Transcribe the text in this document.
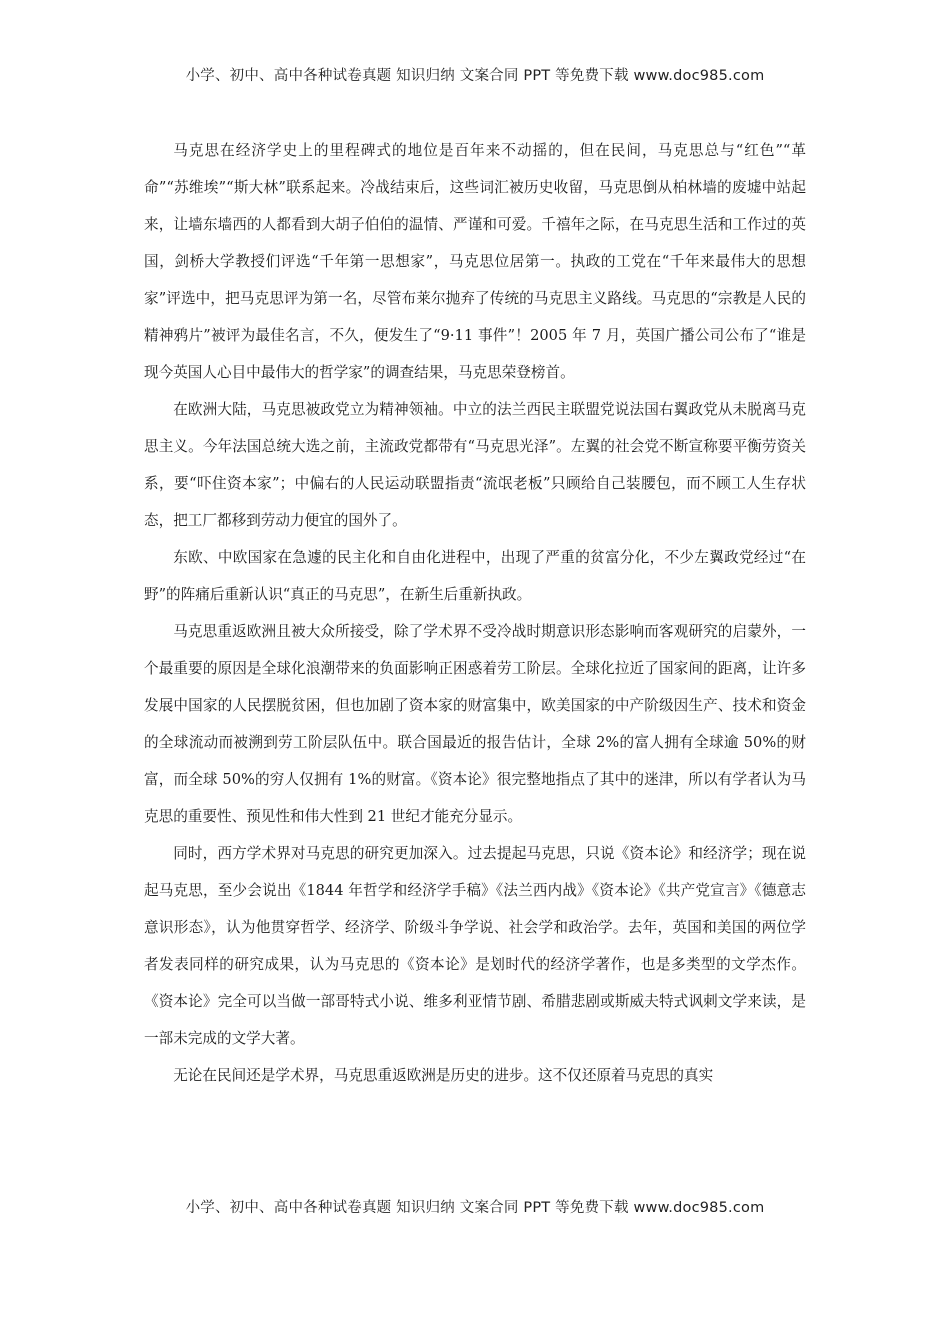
小学、初中、高中各种试卷真题 知识归纳 文案合同 PPT 等免费下载 www.doc985.com

马克思在经济学史上的里程碑式的地位是百年来不动摇的，但在民间，马克思总与“红色”“革命”“苏维埃”“斯大林”联系起来。冷战结束后，这些词汇被历史收留，马克思倒从柏林墙的废墟中站起来，让墙东墙西的人都看到大胡子伯伯的温情、严谨和可爱。千禧年之际，在马克思生活和工作过的英国，剑桥大学教授们评选“千年第一思想家”，马克思位居第一。执政的工党在“千年来最伟大的思想家”评选中，把马克思评为第一名，尽管布莱尔抛弃了传统的马克思主义路线。马克思的“宗教是人民的精神鸦片”被评为最佳名言，不久，便发生了“9·11 事件”！2005 年 7 月，英国广播公司公布了“谁是现今英国人心目中最伟大的哲学家”的调查结果，马克思荣登榜首。

在欧洲大陆，马克思被政党立为精神领袖。中立的法兰西民主联盟党说法国右翼政党从未脱离马克思主义。今年法国总统大选之前，主流政党都带有“马克思光泽”。左翼的社会党不断宣称要平衡劳资关系，要“吓住资本家”；中偏右的人民运动联盟指责“流氓老板”只顾给自己装腰包，而不顾工人生存状态，把工厂都移到劳动力便宜的国外了。

东欧、中欧国家在急遽的民主化和自由化进程中，出现了严重的贫富分化，不少左翼政党经过“在野”的阵痛后重新认识“真正的马克思”，在新生后重新执政。

马克思重返欧洲且被大众所接受，除了学术界不受冷战时期意识形态影响而客观研究的启蒙外，一个最重要的原因是全球化浪潮带来的负面影响正困惑着劳工阶层。全球化拉近了国家间的距离，让许多发展中国家的人民摆脱贫困，但也加剧了资本家的财富集中，欧美国家的中产阶级因生产、技术和资金的全球流动而被溯到劳工阶层队伍中。联合国最近的报告估计，全球 2%的富人拥有全球逾 50%的财富，而全球 50%的穷人仅拥有 1%的财富。《资本论》很完整地指点了其中的迷津，所以有学者认为马克思的重要性、预见性和伟大性到 21 世纪才能充分显示。

同时，西方学术界对马克思的研究更加深入。过去提起马克思，只说《资本论》和经济学；现在说起马克思，至少会说出《1844 年哲学和经济学手稿》《法兰西内战》《资本论》《共产党宣言》《德意志意识形态》，认为他贯穿哲学、经济学、阶级斗争学说、社会学和政治学。去年，英国和美国的两位学者发表同样的研究成果，认为马克思的《资本论》是划时代的经济学著作，也是多类型的文学杰作。《资本论》完全可以当做一部哥特式小说、维多利亚情节剧、希腊悲剧或斯威夫特式讽刺文学来读，是一部未完成的文学大著。

无论在民间还是学术界，马克思重返欧洲是历史的进步。这不仅还原着马克思的真实

小学、初中、高中各种试卷真题 知识归纳 文案合同 PPT 等免费下载 www.doc985.com
